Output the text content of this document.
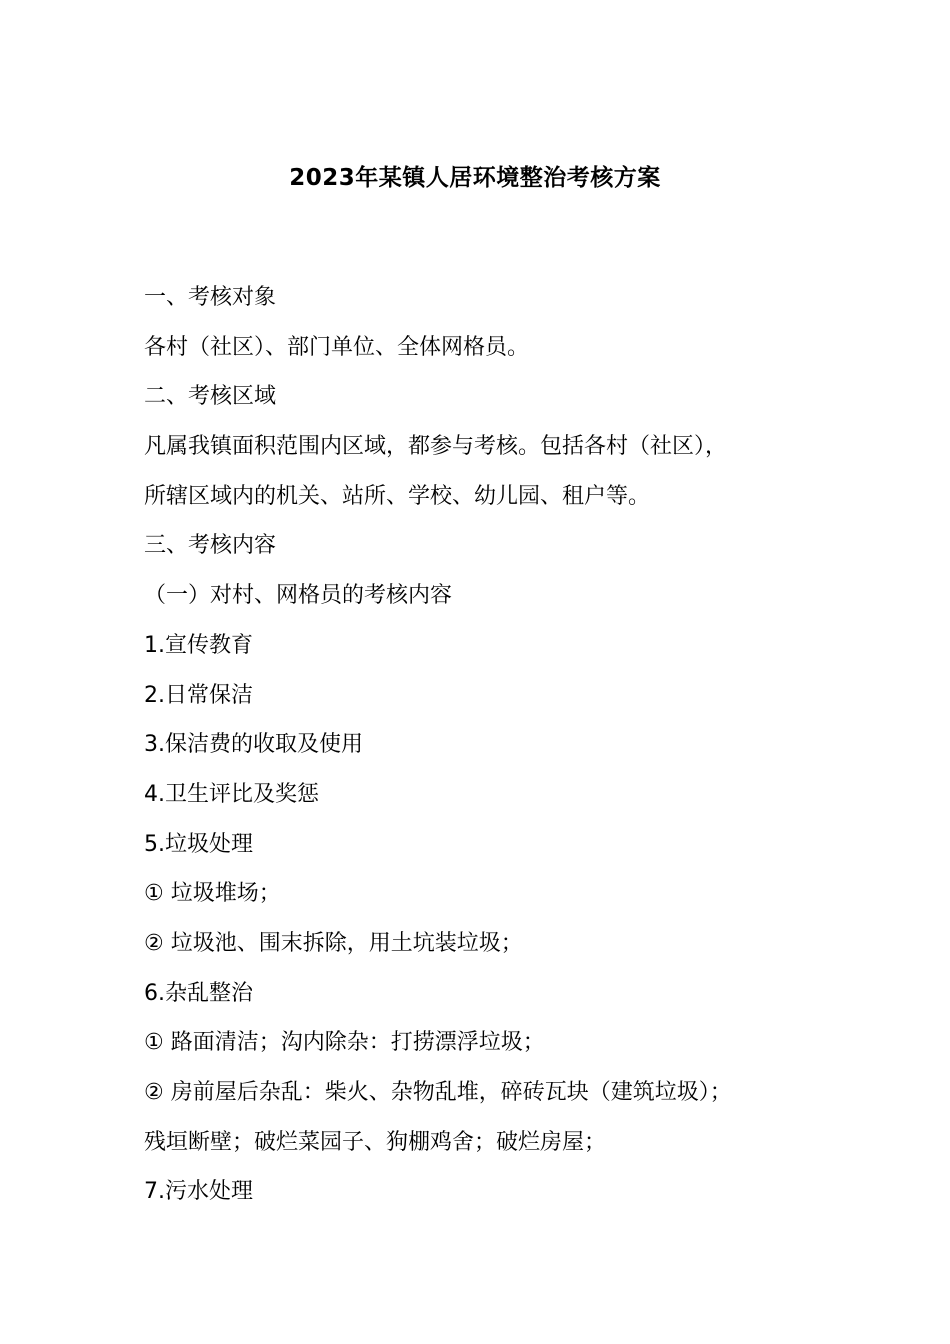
2023年某镇人居环境整治考核方案

一、考核对象

各村（社区）、部门单位、全体网格员。

二、考核区域

凡属我镇面积范围内区域，都参与考核。包括各村（社区），

所辖区域内的机关、站所、学校、幼儿园、租户等。

三、考核内容

（一）对村、网格员的考核内容

1.宣传教育

2.日常保洁

3.保洁费的收取及使用

4.卫生评比及奖惩

5.垃圾处理

① 垃圾堆场；

② 垃圾池、围末拆除，用土坑装垃圾；

6.杂乱整治

① 路面清洁；沟内除杂：打捞漂浮垃圾；

② 房前屋后杂乱：柴火、杂物乱堆，碎砖瓦块（建筑垃圾）；

残垣断壁；破烂菜园子、狗棚鸡舍；破烂房屋；

7.污水处理
